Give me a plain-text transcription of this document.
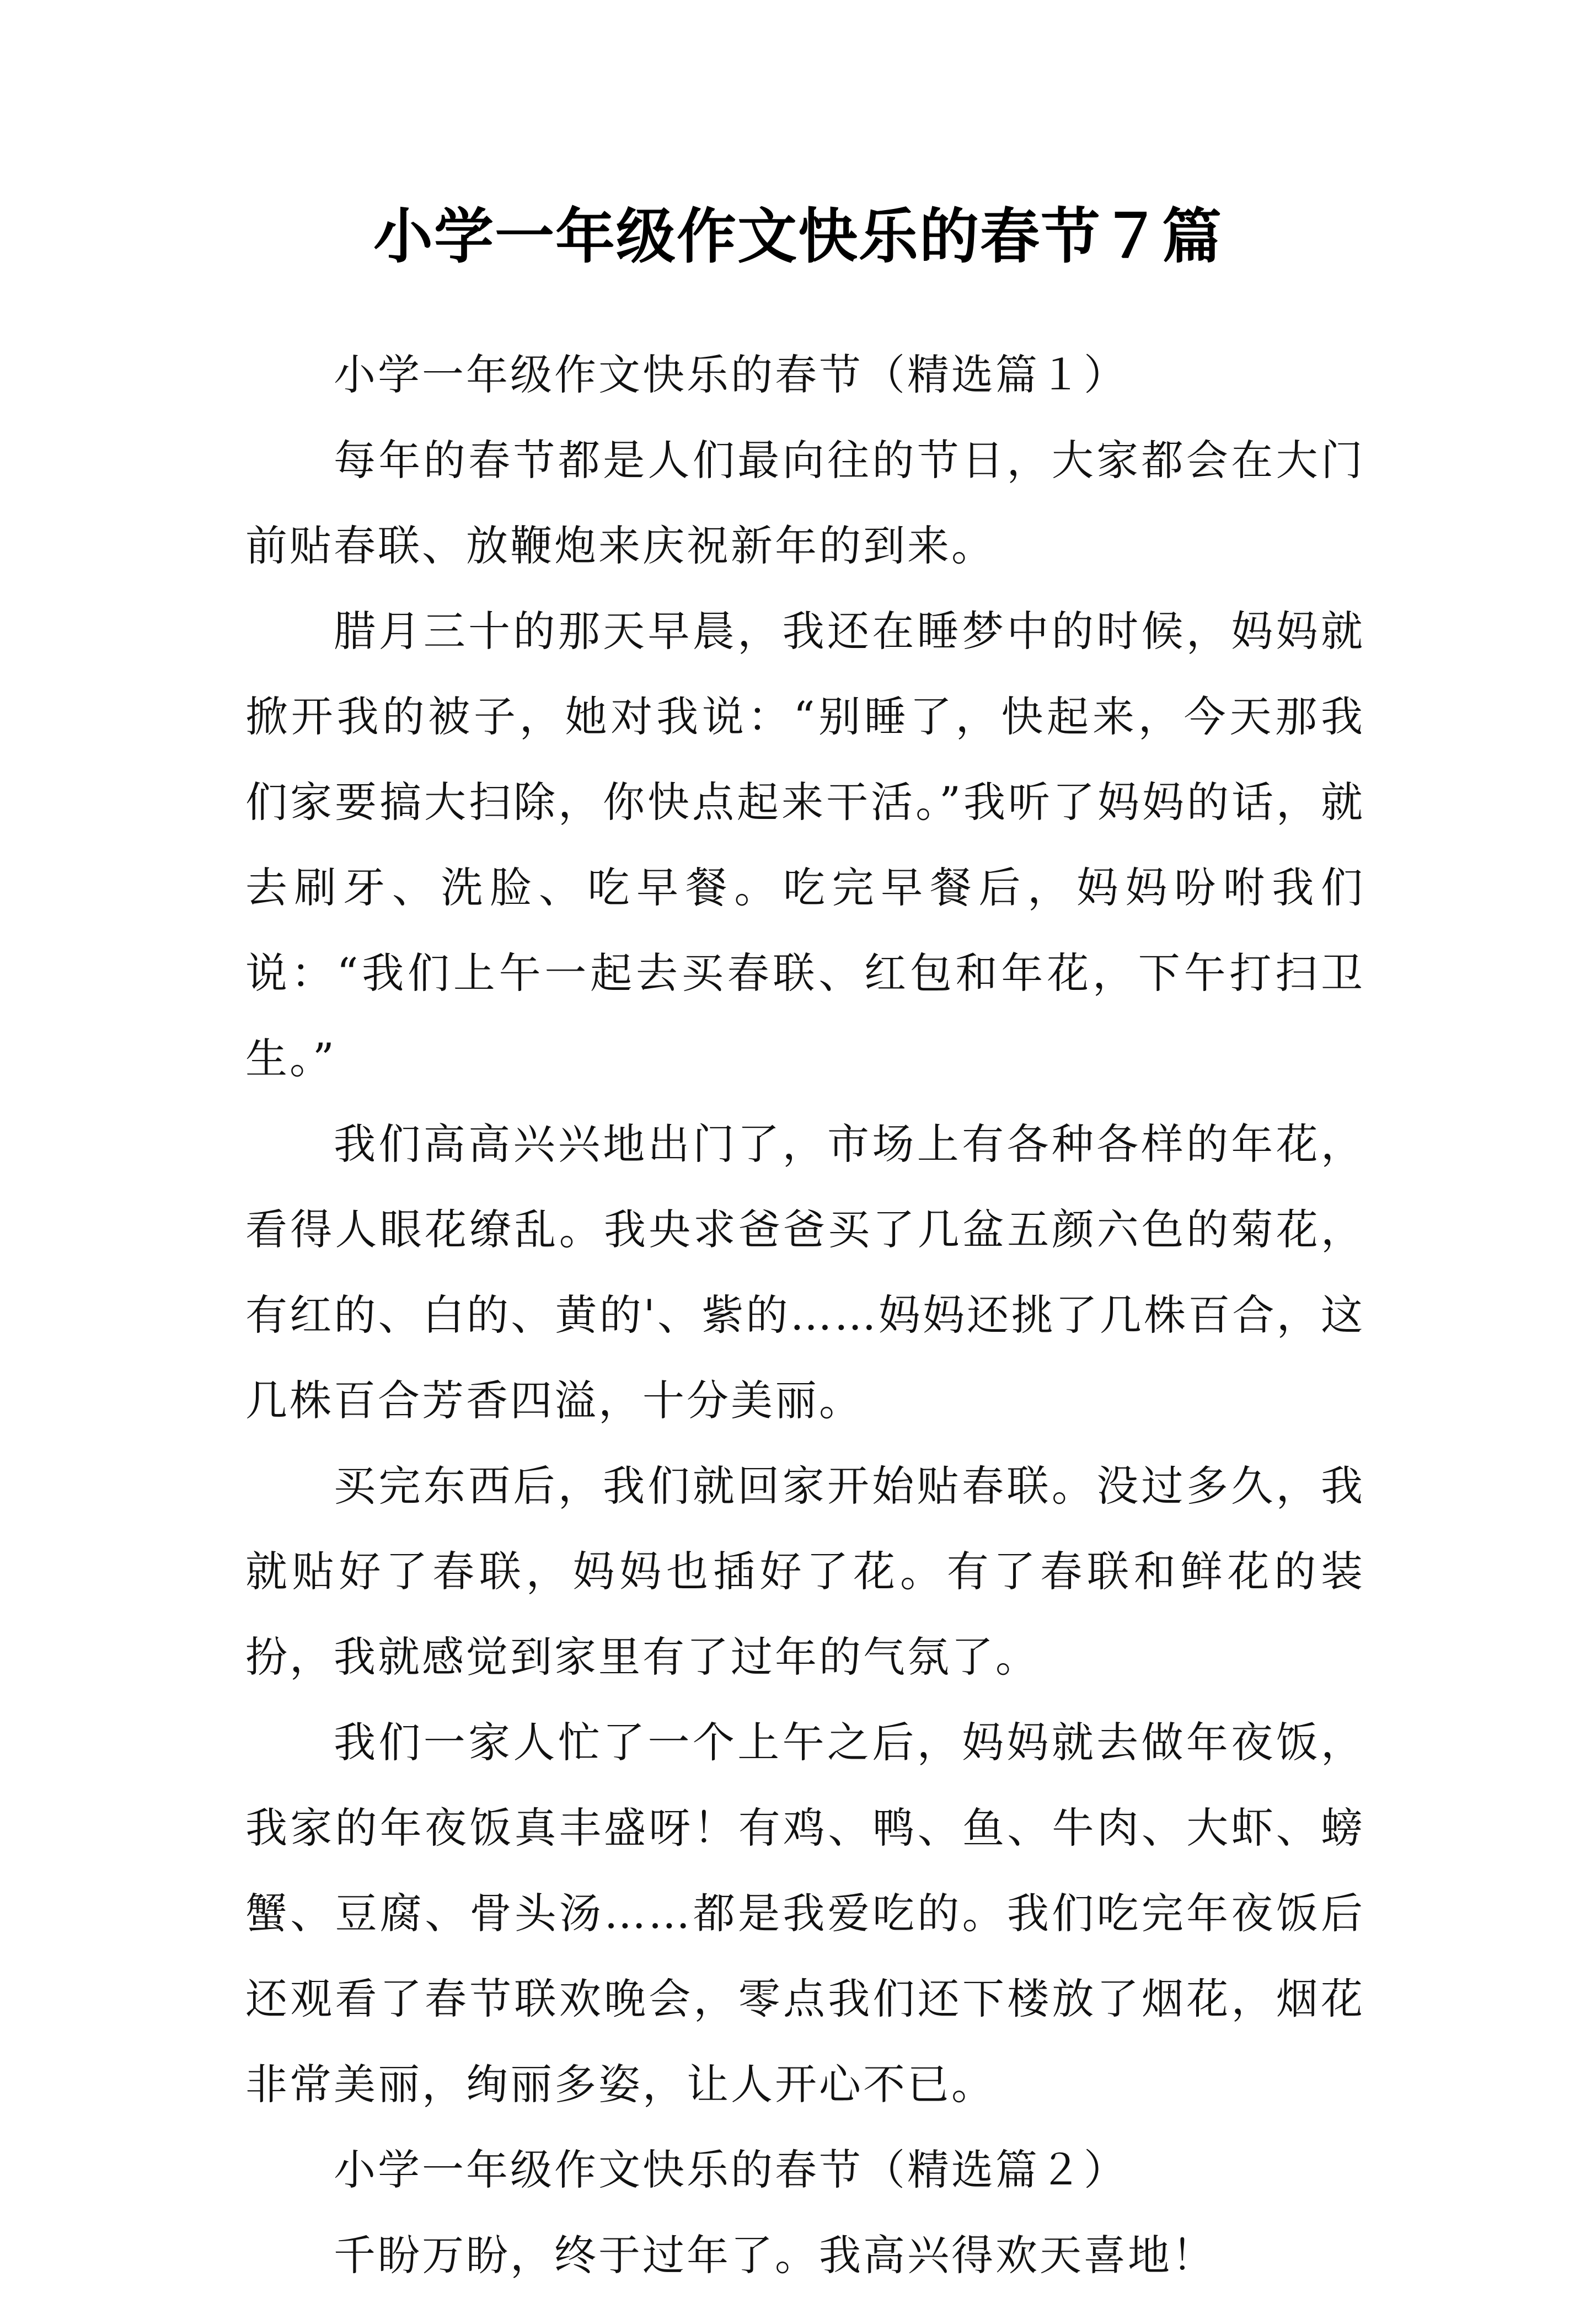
小学一年级作文快乐的春节７篇

小学一年级作文快乐的春节（精选篇１）

每年的春节都是人们最向往的节日，大家都会在大门前贴春联、放鞭炮来庆祝新年的到来。

腊月三十的那天早晨，我还在睡梦中的时候，妈妈就掀开我的被子，她对我说：“别睡了，快起来，今天那我们家要搞大扫除，你快点起来干活。”我听了妈妈的话，就去刷牙、洗脸、吃早餐。吃完早餐后，妈妈吩咐我们说：“我们上午一起去买春联、红包和年花，下午打扫卫生。”

我们高高兴兴地出门了，市场上有各种各样的年花，看得人眼花缭乱。我央求爸爸买了几盆五颜六色的菊花，有红的、白的、黄的'、紫的……妈妈还挑了几株百合，这几株百合芳香四溢，十分美丽。

买完东西后，我们就回家开始贴春联。没过多久，我就贴好了春联，妈妈也插好了花。有了春联和鲜花的装扮，我就感觉到家里有了过年的气氛了。

我们一家人忙了一个上午之后，妈妈就去做年夜饭，我家的年夜饭真丰盛呀！有鸡、鸭、鱼、牛肉、大虾、螃蟹、豆腐、骨头汤……都是我爱吃的。我们吃完年夜饭后还观看了春节联欢晚会，零点我们还下楼放了烟花，烟花非常美丽，绚丽多姿，让人开心不已。

小学一年级作文快乐的春节（精选篇２）

千盼万盼，终于过年了。我高兴得欢天喜地！
